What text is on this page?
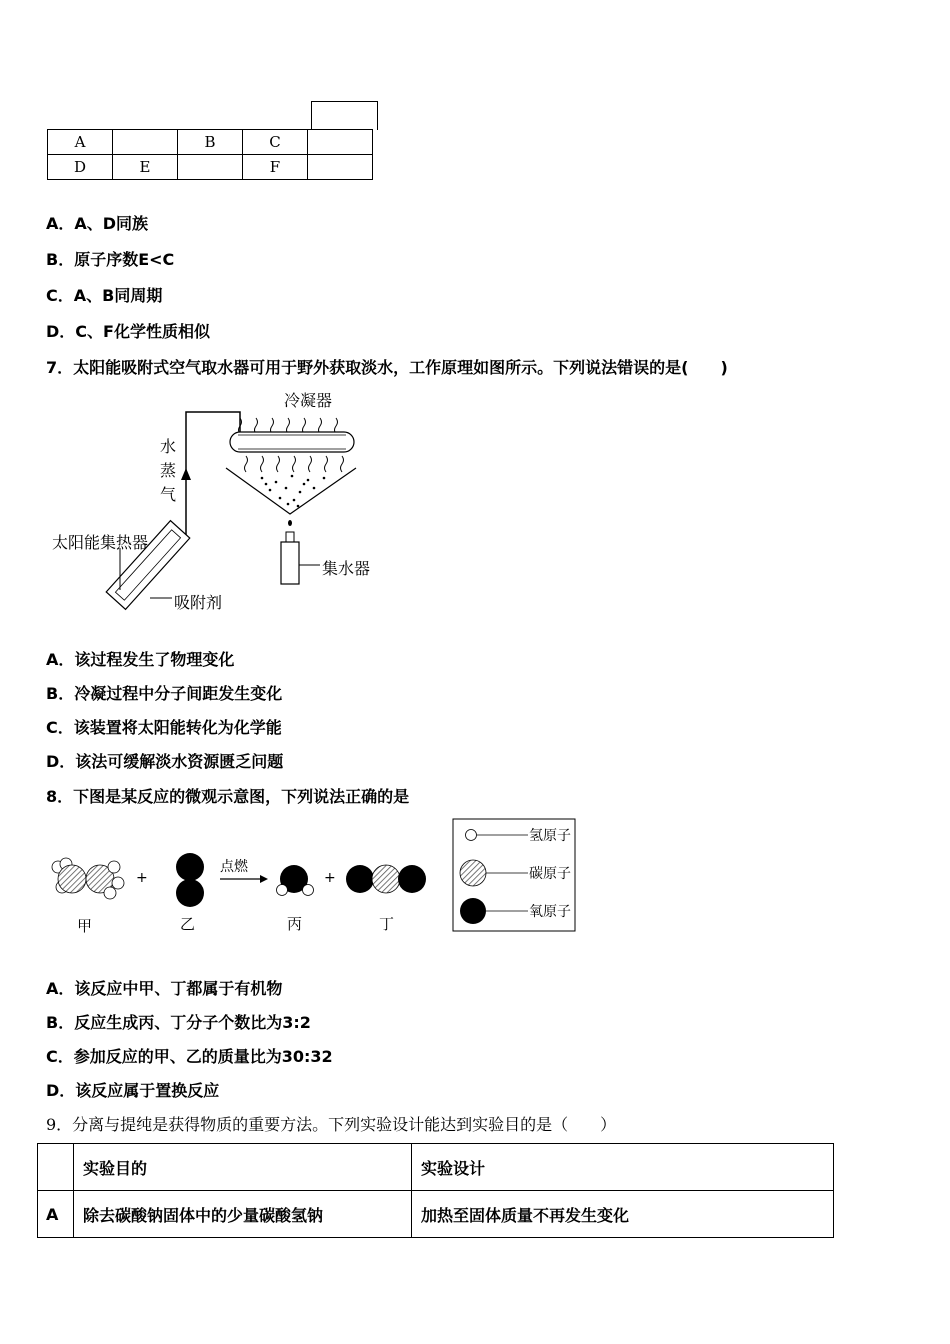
A		B	C	
D	E		F	
A．A、D同族
B．原子序数E<C
C．A、B同周期
D．C、F化学性质相似
7．太阳能吸附式空气取水器可用于野外获取淡水，工作原理如图所示。下列说法错误的是(　　)
冷凝器
水
蒸
气
太阳能集热器
集水器
吸附剂
A．该过程发生了物理变化
B．冷凝过程中分子间距发生变化
C．该装置将太阳能转化为化学能
D．该法可缓解淡水资源匮乏问题
8．下图是某反应的微观示意图，下列说法正确的是
+	+
点燃
甲	乙	丙	丁
氢原子
碳原子
氧原子
A．该反应中甲、丁都属于有机物
B．反应生成丙、丁分子个数比为3:2
C．参加反应的甲、乙的质量比为30:32
D．该反应属于置换反应
9．分离与提纯是获得物质的重要方法。下列实验设计能达到实验目的是（　　）
	实验目的	实验设计
A	除去碳酸钠固体中的少量碳酸氢钠	加热至固体质量不再发生变化
